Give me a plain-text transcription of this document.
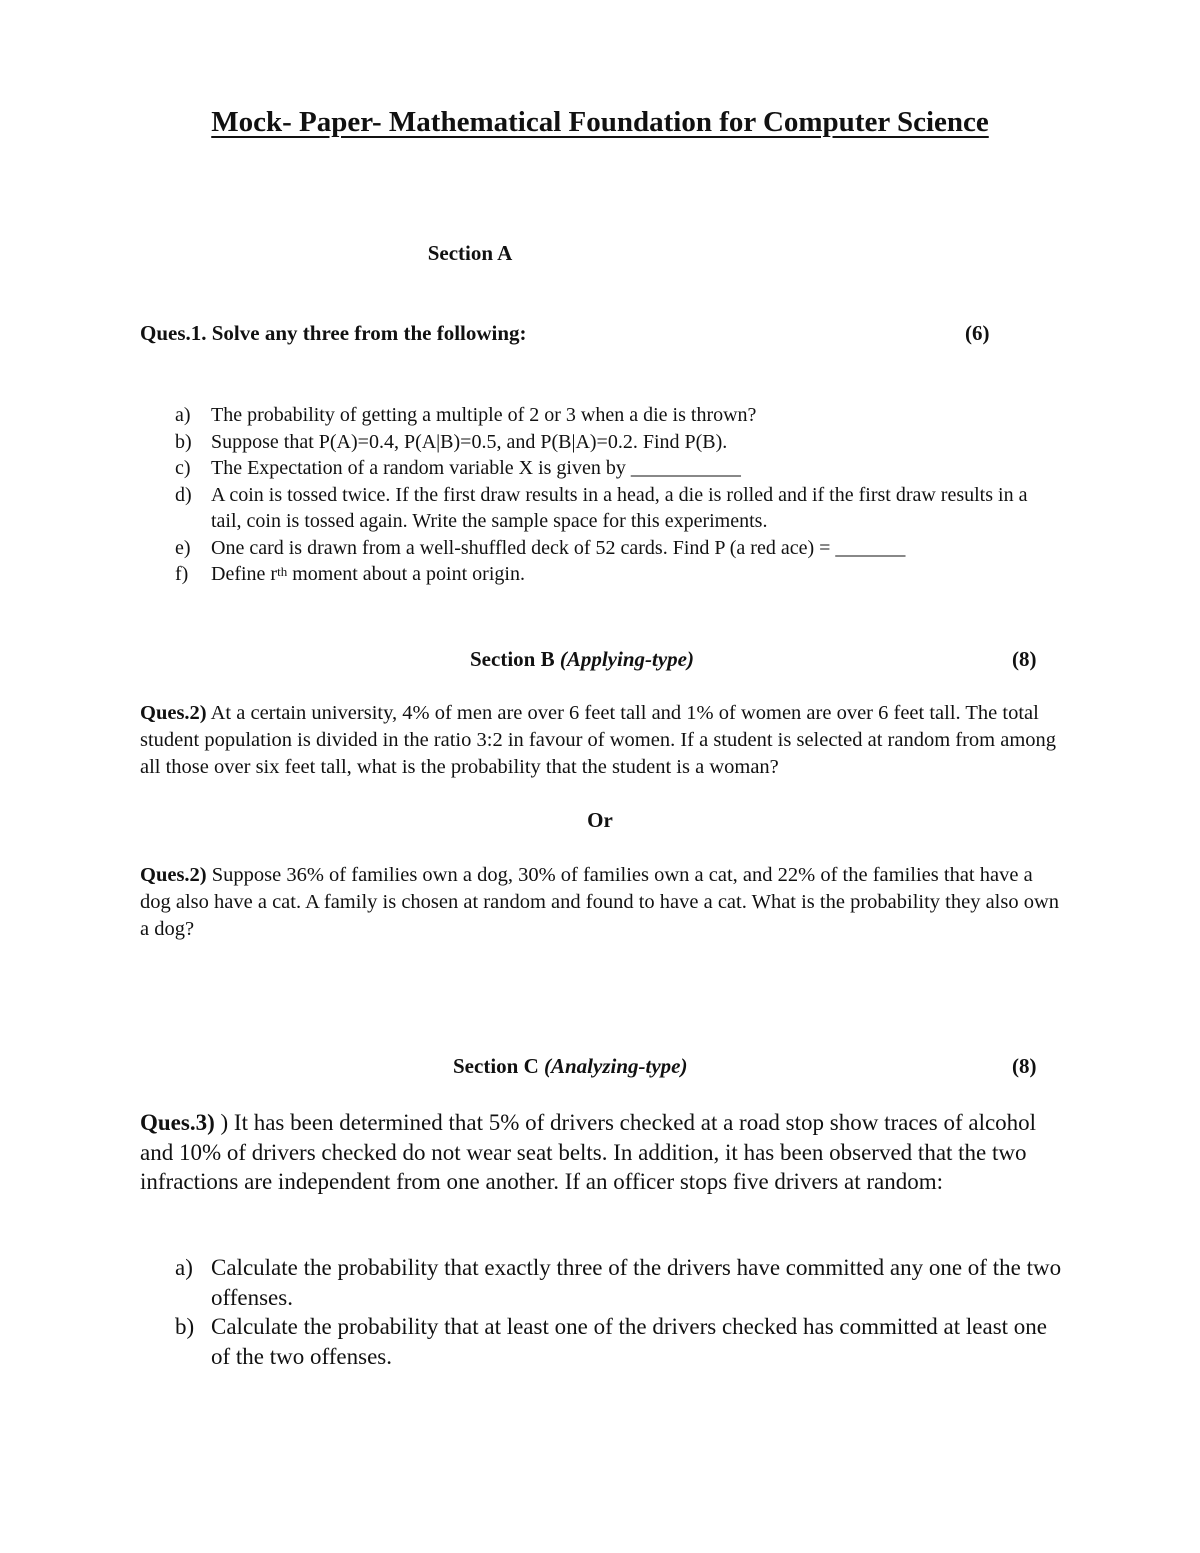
Mock- Paper- Mathematical Foundation for Computer Science
Section A
Ques.1. Solve any three from the following:	(6)
a) The probability of getting a multiple of 2 or 3 when a die is thrown?
b) Suppose that P(A)=0.4, P(A|B)=0.5, and P(B|A)=0.2. Find P(B).
c) The Expectation of a random variable X is given by ___________
d) A coin is tossed twice. If the first draw results in a head, a die is rolled and if the first draw results in a tail, coin is tossed again. Write the sample space for this experiments.
e) One card is drawn from a well-shuffled deck of 52 cards. Find P (a red ace) = _______
f) Define $r^{th}$ moment about a point origin.
Section B (Applying-type)	(8)
Ques.2) At a certain university, 4% of men are over 6 feet tall and 1% of women are over 6 feet tall. The total student population is divided in the ratio 3:2 in favour of women. If a student is selected at random from among all those over six feet tall, what is the probability that the student is a woman?
Or
Ques.2) Suppose 36% of families own a dog, 30% of families own a cat, and 22% of the families that have a dog also have a cat. A family is chosen at random and found to have a cat. What is the probability they also own a dog?
Section C (Analyzing-type)	(8)
Ques.3) ) It has been determined that 5% of drivers checked at a road stop show traces of alcohol and 10% of drivers checked do not wear seat belts. In addition, it has been observed that the two infractions are independent from one another. If an officer stops five drivers at random:
a) Calculate the probability that exactly three of the drivers have committed any one of the two offenses.
b) Calculate the probability that at least one of the drivers checked has committed at least one of the two offenses.
